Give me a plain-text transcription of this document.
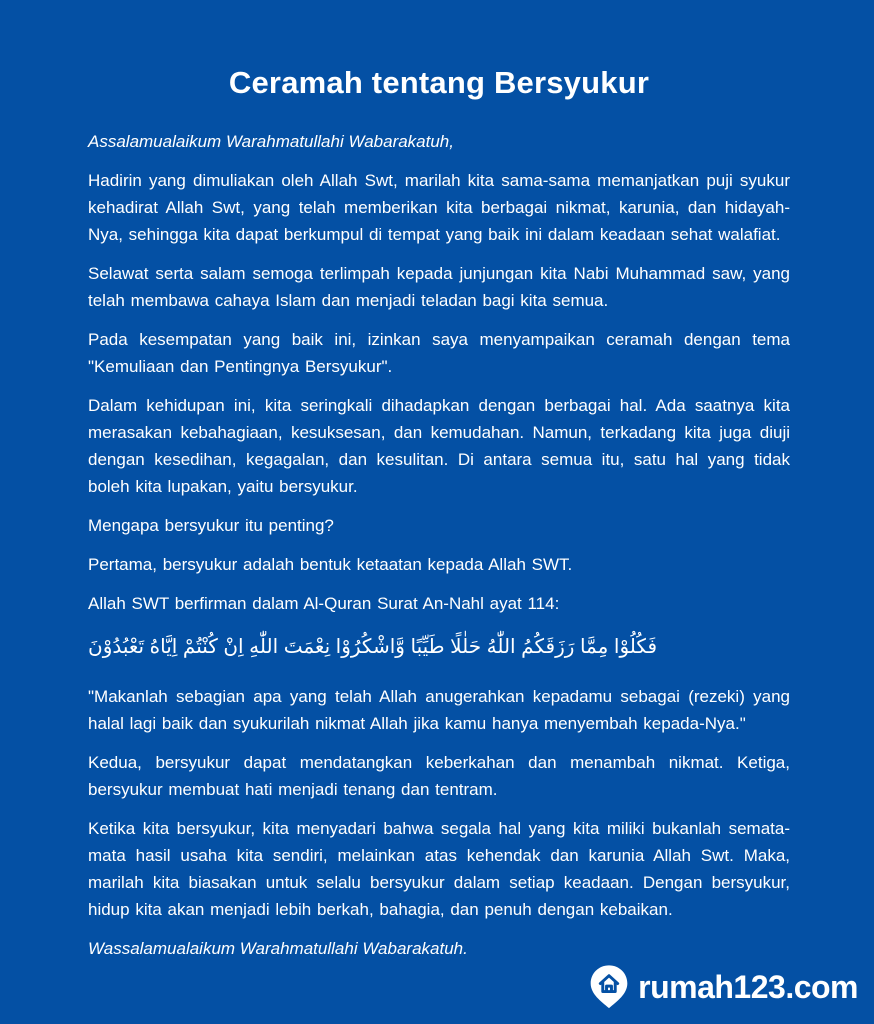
Ceramah tentang Bersyukur

Assalamualaikum Warahmatullahi Wabarakatuh,

Hadirin yang dimuliakan oleh Allah Swt, marilah kita sama-sama memanjatkan puji syukur kehadirat Allah Swt, yang telah memberikan kita berbagai nikmat, karunia, dan hidayah-Nya, sehingga kita dapat berkumpul di tempat yang baik ini dalam keadaan sehat walafiat.

Selawat serta salam semoga terlimpah kepada junjungan kita Nabi Muhammad saw, yang telah membawa cahaya Islam dan menjadi teladan bagi kita semua.

Pada kesempatan yang baik ini, izinkan saya menyampaikan ceramah dengan tema "Kemuliaan dan Pentingnya Bersyukur".

Dalam kehidupan ini, kita seringkali dihadapkan dengan berbagai hal. Ada saatnya kita merasakan kebahagiaan, kesuksesan, dan kemudahan. Namun, terkadang kita juga diuji dengan kesedihan, kegagalan, dan kesulitan. Di antara semua itu, satu hal yang tidak boleh kita lupakan, yaitu bersyukur.

Mengapa bersyukur itu penting?

Pertama, bersyukur adalah bentuk ketaatan kepada Allah SWT.

Allah SWT berfirman dalam Al-Quran Surat An-Nahl ayat 114:

فَكُلُوْا مِمَّا رَزَقَكُمُ اللّٰهُ حَلٰلًا طَيِّبًا وَّاشْكُرُوْا نِعْمَتَ اللّٰهِ اِنْ كُنْتُمْ اِيَّاهُ تَعْبُدُوْنَ

"Makanlah sebagian apa yang telah Allah anugerahkan kepadamu sebagai (rezeki) yang halal lagi baik dan syukurilah nikmat Allah jika kamu hanya menyembah kepada-Nya."

Kedua, bersyukur dapat mendatangkan keberkahan dan menambah nikmat. Ketiga, bersyukur membuat hati menjadi tenang dan tentram.

Ketika kita bersyukur, kita menyadari bahwa segala hal yang kita miliki bukanlah semata-mata hasil usaha kita sendiri, melainkan atas kehendak dan karunia Allah Swt. Maka, marilah kita biasakan untuk selalu bersyukur dalam setiap keadaan. Dengan bersyukur, hidup kita akan menjadi lebih berkah, bahagia, dan penuh dengan kebaikan.

Wassalamualaikum Warahmatullahi Wabarakatuh.

rumah123.com
